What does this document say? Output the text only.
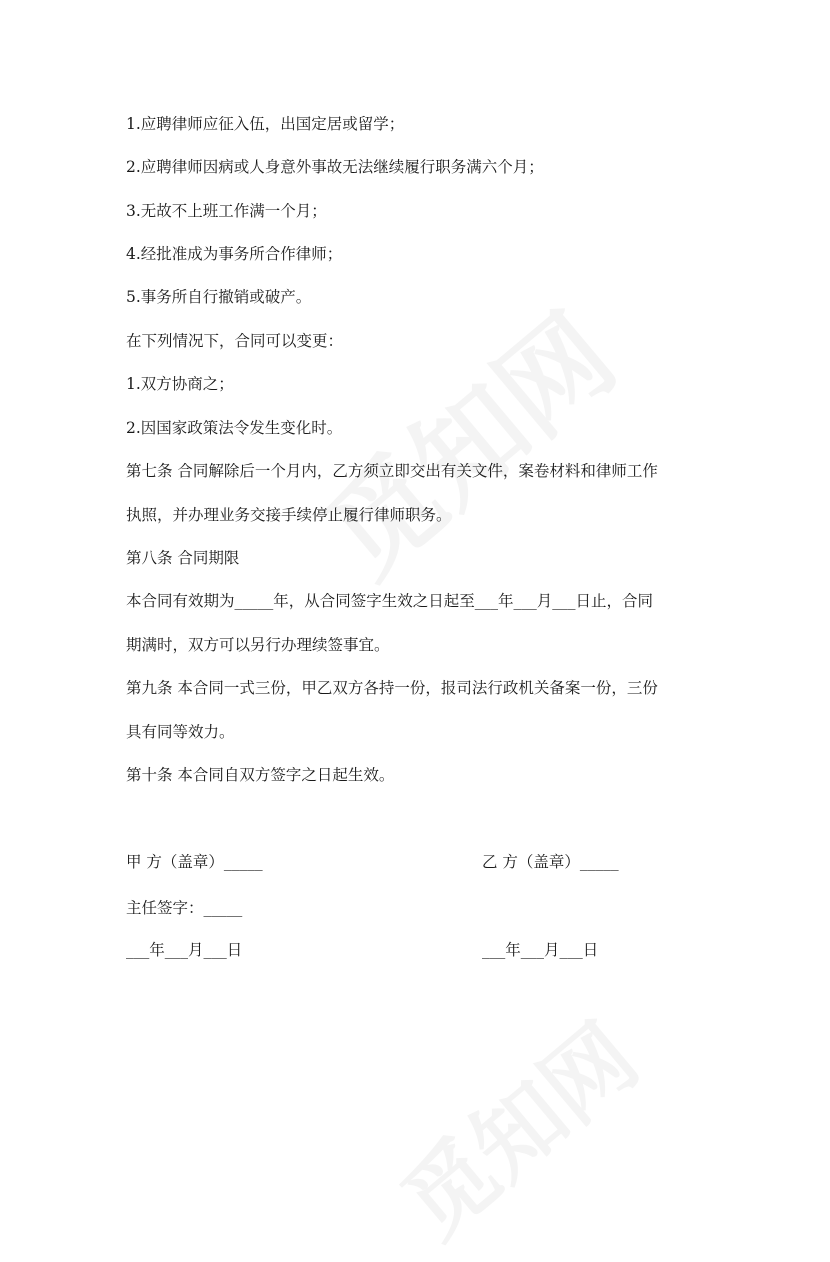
1.应聘律师应征入伍，出国定居或留学；
2.应聘律师因病或人身意外事故无法继续履行职务满六个月；
3.无故不上班工作满一个月；
4.经批准成为事务所合作律师；
5.事务所自行撤销或破产。
在下列情况下，合同可以变更：
1.双方协商之；
2.因国家政策法令发生变化时。
第七条 合同解除后一个月内，乙方须立即交出有关文件，案卷材料和律师工作
执照，并办理业务交接手续停止履行律师职务。
第八条 合同期限
本合同有效期为_____年，从合同签字生效之日起至___年___月___日止，合同
期满时，双方可以另行办理续签事宜。
第九条 本合同一式三份，甲乙双方各持一份，报司法行政机关备案一份，三份
具有同等效力。
第十条 本合同自双方签字之日起生效。
甲 方（盖章）_____	乙 方（盖章）_____
主任签字：_____
___年___月___日	___年___月___日
